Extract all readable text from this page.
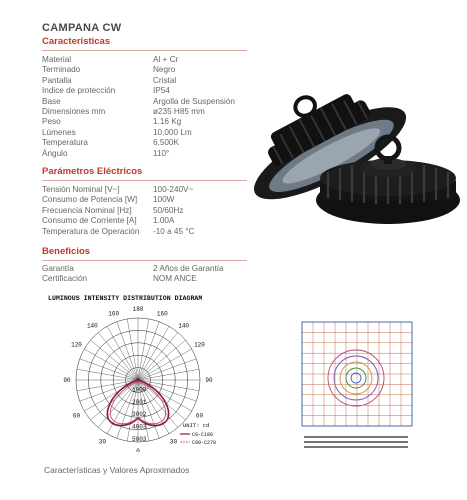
CAMPANA CW
Características
Material	Al + Cr
Terminado	Negro
Pantalla	Cristal
Indice de protección	IP54
Base	Argolla de Suspensión
Dimensiones mm	ø235 H85 mm
Peso	1.16 Kg
Lúmenes	10,000 Lm
Temperatura	6,500K
Ángulo	110°
Parámetros Eléctricos
Tensión Nominal [V~]	100-240V~
Consumo de Potencia [W] 100W
Frecuencia Nominal [Hz]	50/60Hz
Consumo de Corriente [A] 1.00A
Temperatura de Operación -10 a 45 °C
Beneficios
Garantía	2 Años de Garantía
Certificación	NOM ANCE
LUMINOUS INTENSITY DISTRIBUTION DIAGRAM
140
120
90
60
30
0
30
60
90
120
140
160
180
160
1000
2001
3002
4003
5003
UNIT: cd
C0-C180
C90-C270
Características y Valores Aproximados
